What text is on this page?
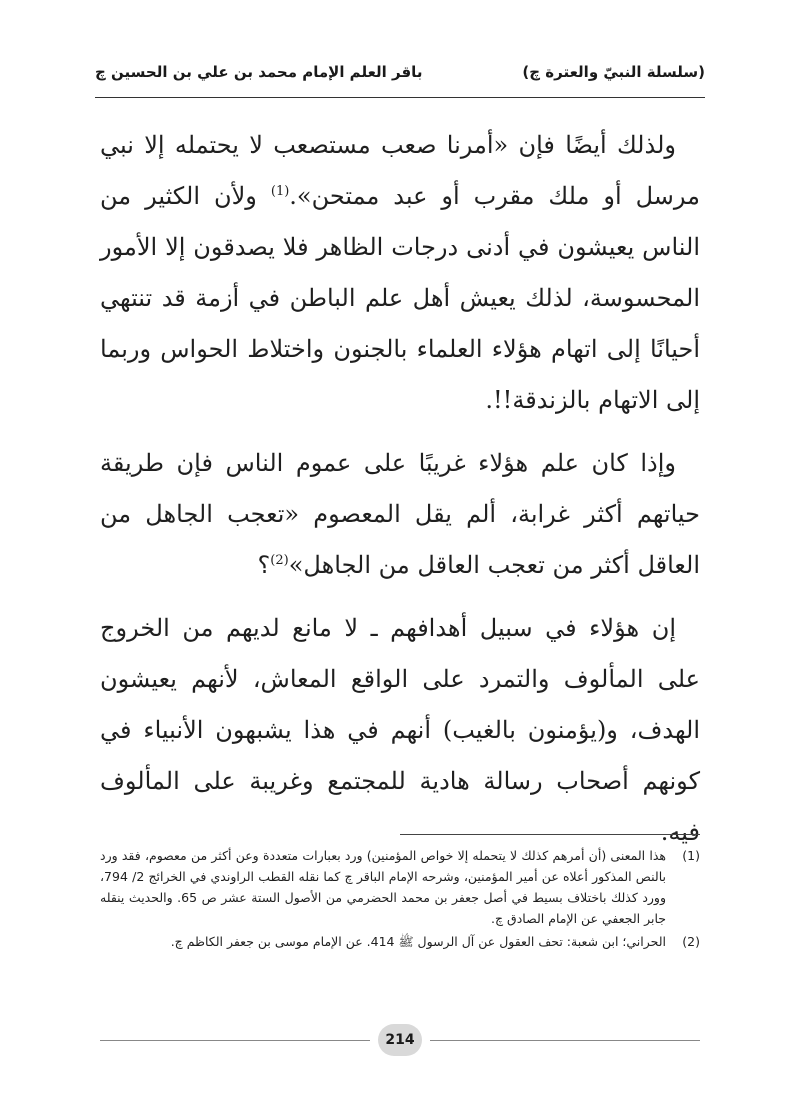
(سلسلة النبيّ والعترة ﭺ)
باقر العلم الإمام محمد بن علي بن الحسين ﭺ

ولذلك أيضًا فإن «أمرنا صعب مستصعب لا يحتمله إلا نبي مرسل أو ملك مقرب أو عبد ممتحن».$^{(1)}$ ولأن الكثير من الناس يعيشون في أدنى درجات الظاهر فلا يصدقون إلا الأمور المحسوسة، لذلك يعيش أهل علم الباطن في أزمة قد تنتهي أحيانًا إلى اتهام هؤلاء العلماء بالجنون واختلاط الحواس وربما إلى الاتهام بالزندقة!!.

وإذا كان علم هؤلاء غريبًا على عموم الناس فإن طريقة حياتهم أكثر غرابة، ألم يقل المعصوم «تعجب الجاهل من العاقل أكثر من تعجب العاقل من الجاهل»$^{(2)}$؟

إن هؤلاء في سبيل أهدافهم ـ لا مانع لديهم من الخروج على المألوف والتمرد على الواقع المعاش، لأنهم يعيشون الهدف، و(يؤمنون بالغيب) أنهم في هذا يشبهون الأنبياء في كونهم أصحاب رسالة هادية للمجتمع وغريبة على المألوف فيه.

(1)
هذا المعنى (أن أمرهم كذلك لا يتحمله إلا خواص المؤمنين) ورد بعبارات متعددة وعن أكثر من معصوم، فقد ورد بالنص المذكور أعلاه عن أمير المؤمنين، وشرحه الإمام الباقر ﭺ كما نقله القطب الراوندي في الخرائج 2/ 794، وورد كذلك باختلاف بسيط في أصل جعفر بن محمد الحضرمي من الأصول الستة عشر ص 65. والحديث ينقله جابر الجعفي عن الإمام الصادق ﭺ.
(2)
الحراني؛ ابن شعبة: تحف العقول عن آل الرسول ﷺ 414. عن الإمام موسى بن جعفر الكاظم ﭺ.
214
